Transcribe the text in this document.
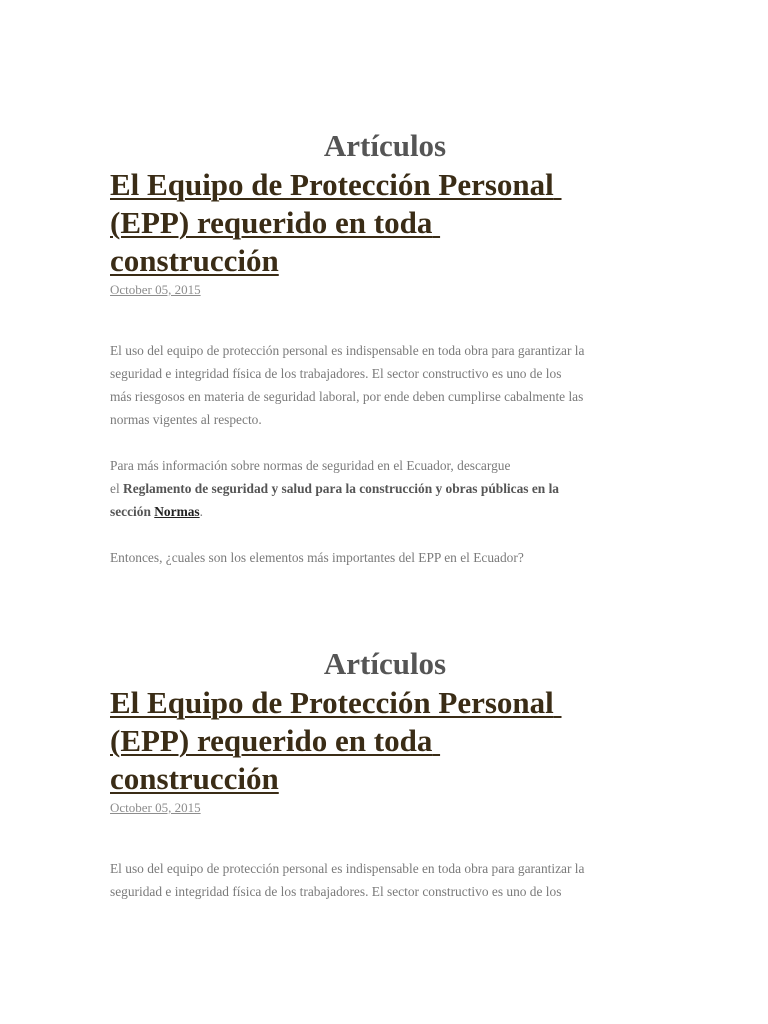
Artículos
El Equipo de Protección Personal
(EPP) requerido en toda
construcción
October 05, 2015

El uso del equipo de protección personal es indispensable en toda obra para garantizar la
seguridad e integridad física de los trabajadores. El sector constructivo es uno de los
más riesgosos en materia de seguridad laboral, por ende deben cumplirse cabalmente las
normas vigentes al respecto.

Para más información sobre normas de seguridad en el Ecuador, descargue
el Reglamento de seguridad y salud para la construcción y obras públicas en la
sección Normas.

Entonces, ¿cuales son los elementos más importantes del EPP en el Ecuador?

Artículos
El Equipo de Protección Personal
(EPP) requerido en toda
construcción
October 05, 2015

El uso del equipo de protección personal es indispensable en toda obra para garantizar la
seguridad e integridad física de los trabajadores. El sector constructivo es uno de los
